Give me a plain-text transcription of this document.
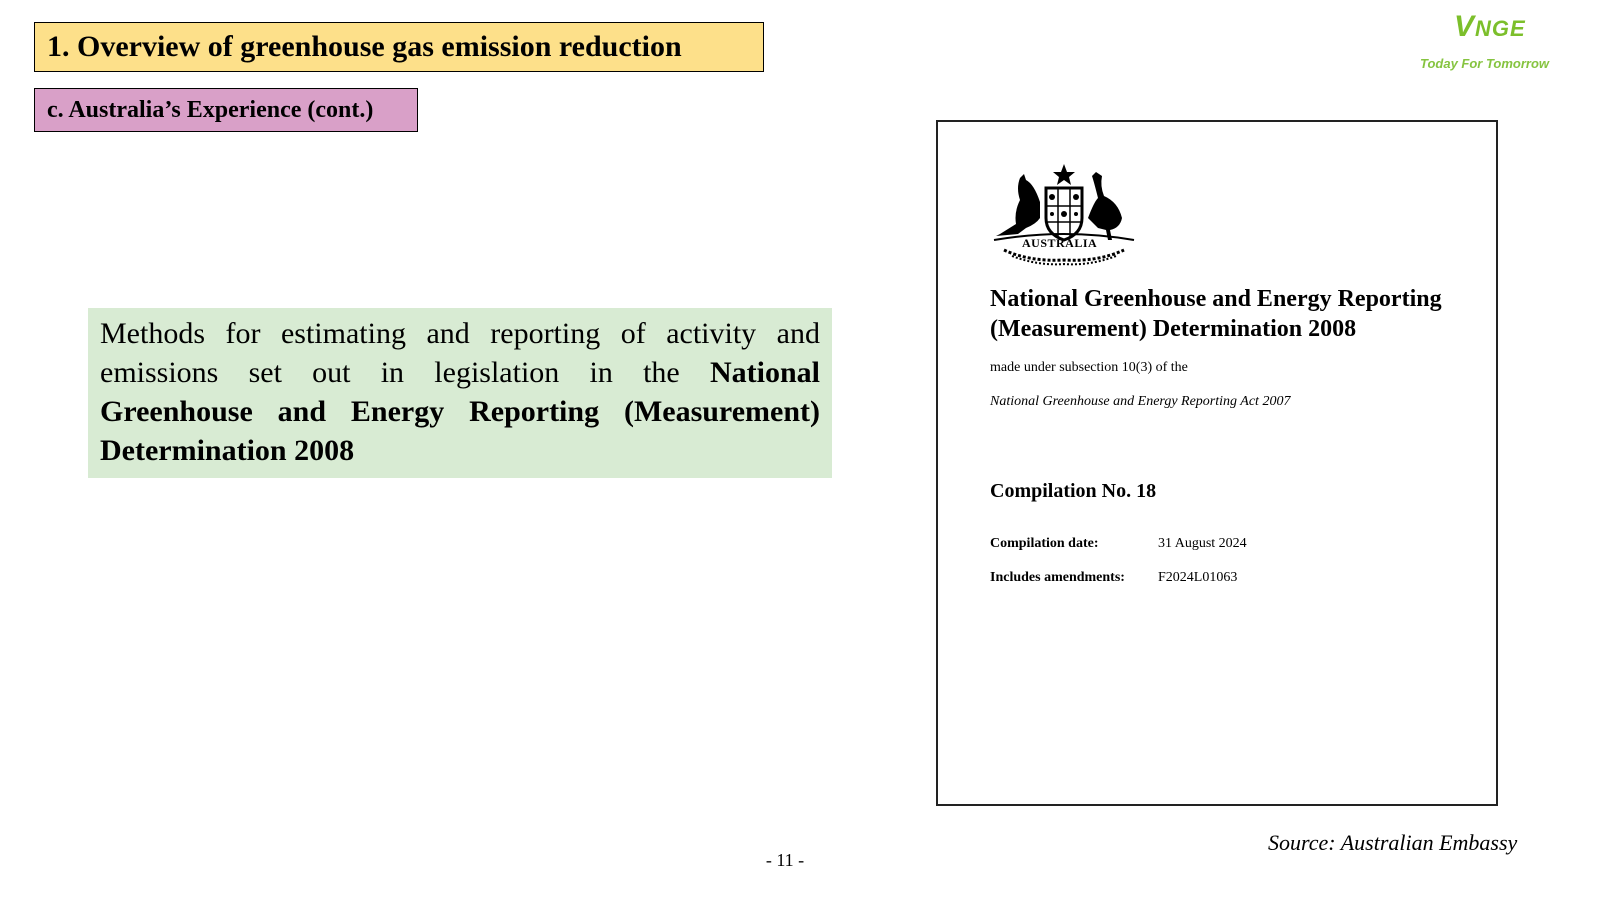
1. Overview of greenhouse gas emission reduction
c. Australia’s Experience (cont.)
VNGE
Today For Tomorrow
Methods for estimating and reporting of activity and emissions set out in legislation in the National Greenhouse and Energy Reporting (Measurement) Determination 2008
AUSTRALIA
National Greenhouse and Energy Reporting
(Measurement) Determination 2008
made under subsection 10(3) of the
National Greenhouse and Energy Reporting Act 2007
Compilation No. 18
Compilation date:	31 August 2024
Includes amendments: F2024L01063
Source: Australian Embassy
- 11 -
